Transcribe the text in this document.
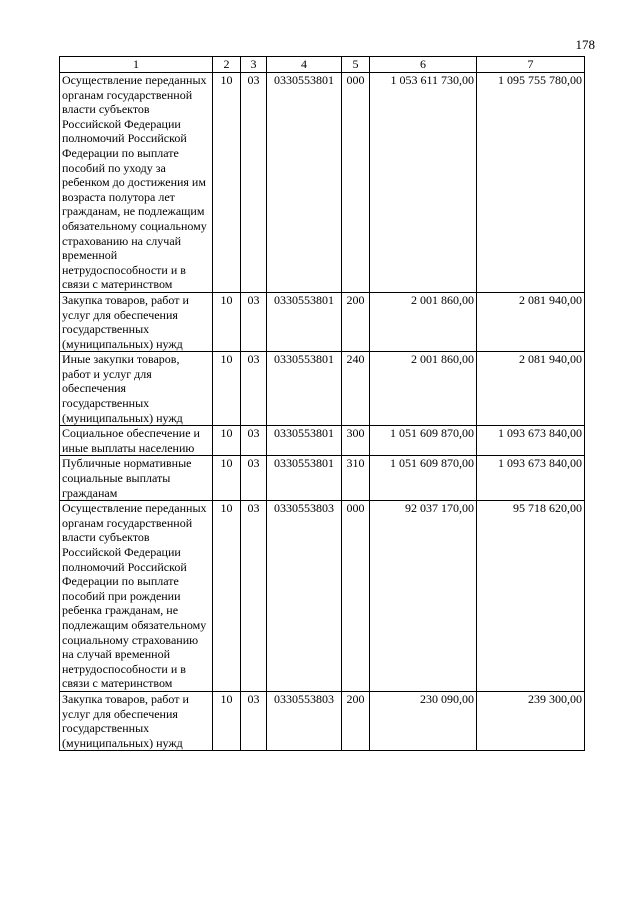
178
1	2	3	4	5	6	7
Осуществление переданных органам государственной власти субъектов Российской Федерации полномочий Российской Федерации по выплате пособий по уходу за ребенком до достижения им возраста полутора лет гражданам, не подлежащим обязательному социальному страхованию на случай временной нетрудоспособности и в связи с материнством	10	03	0330553801	000	1 053 611 730,00	1 095 755 780,00
Закупка товаров, работ и услуг для обеспечения государственных (муниципальных) нужд	10	03	0330553801	200	2 001 860,00	2 081 940,00
Иные закупки товаров, работ и услуг для обеспечения государственных (муниципальных) нужд	10	03	0330553801	240	2 001 860,00	2 081 940,00
Социальное обеспечение и иные выплаты населению	10	03	0330553801	300	1 051 609 870,00	1 093 673 840,00
Публичные нормативные социальные выплаты гражданам	10	03	0330553801	310	1 051 609 870,00	1 093 673 840,00
Осуществление переданных органам государственной власти субъектов Российской Федерации полномочий Российской Федерации по выплате пособий при рождении ребенка гражданам, не подлежащим обязательному социальному страхованию на случай временной нетрудоспособности и в связи с материнством	10	03	0330553803	000	92 037 170,00	95 718 620,00
Закупка товаров, работ и услуг для обеспечения государственных (муниципальных) нужд	10	03	0330553803	200	230 090,00	239 300,00
